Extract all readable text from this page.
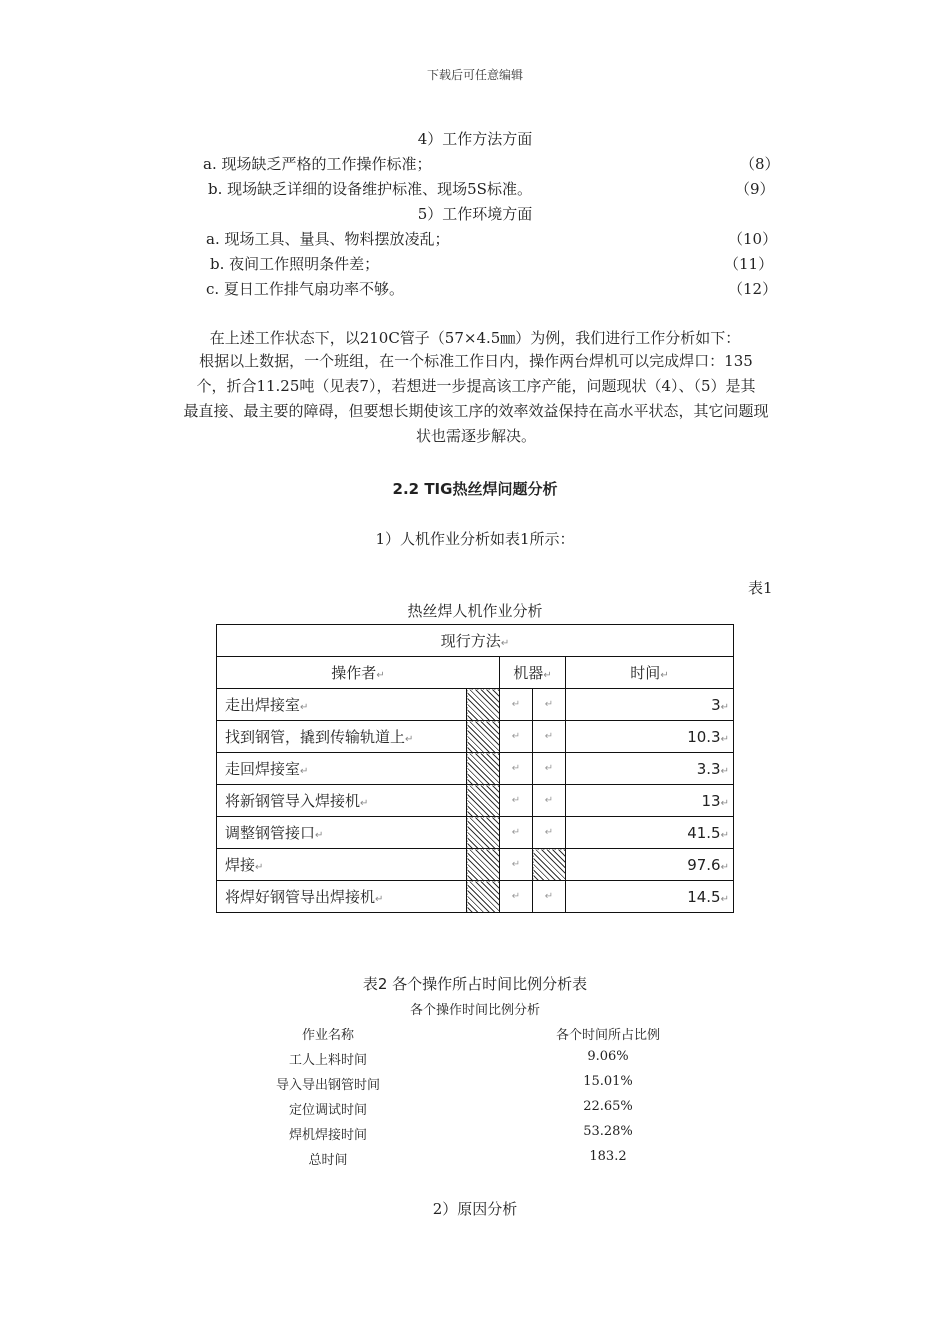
下载后可任意编辑
4）工作方法方面
a. 现场缺乏严格的工作操作标准；	（8）
b. 现场缺乏详细的设备维护标准、现场5S标准。	（9）
5）工作环境方面
a. 现场工具、量具、物料摆放凌乱；	（10）
b. 夜间工作照明条件差；	（11）
c. 夏日工作排气扇功率不够。	（12）
在上述工作状态下，以210C管子（57×4.5㎜）为例，我们进行工作分析如下：
根据以上数据，一个班组，在一个标准工作日内，操作两台焊机可以完成焊口：135
个，折合11.25吨（见表7），若想进一步提高该工序产能，问题现状（4）、（5）是其
最直接、最主要的障碍，但要想长期使该工序的效率效益保持在高水平状态，其它问题现
状也需逐步解决。
2.2 TIG热丝焊问题分析
1）人机作业分析如表1所示：
表1
热丝焊人机作业分析
现行方法↵				
操作者↵		机器↵		时间↵
走出焊接室↵		↵	↵	3↵
找到钢管，撬到传输轨道上↵		↵	↵	10.3↵
走回焊接室↵		↵	↵	3.3↵
将新钢管导入焊接机↵		↵	↵	13↵
调整钢管接口↵		↵	↵	41.5↵
焊接↵		↵		97.6↵
将焊好钢管导出焊接机↵		↵	↵	14.5↵
表2 各个操作所占时间比例分析表
各个操作时间比例分析
作业名称	各个时间所占比例
工人上料时间	9.06%
导入导出钢管时间	15.01%
定位调试时间	22.65%
焊机焊接时间	53.28%
总时间	183.2
2）原因分析
